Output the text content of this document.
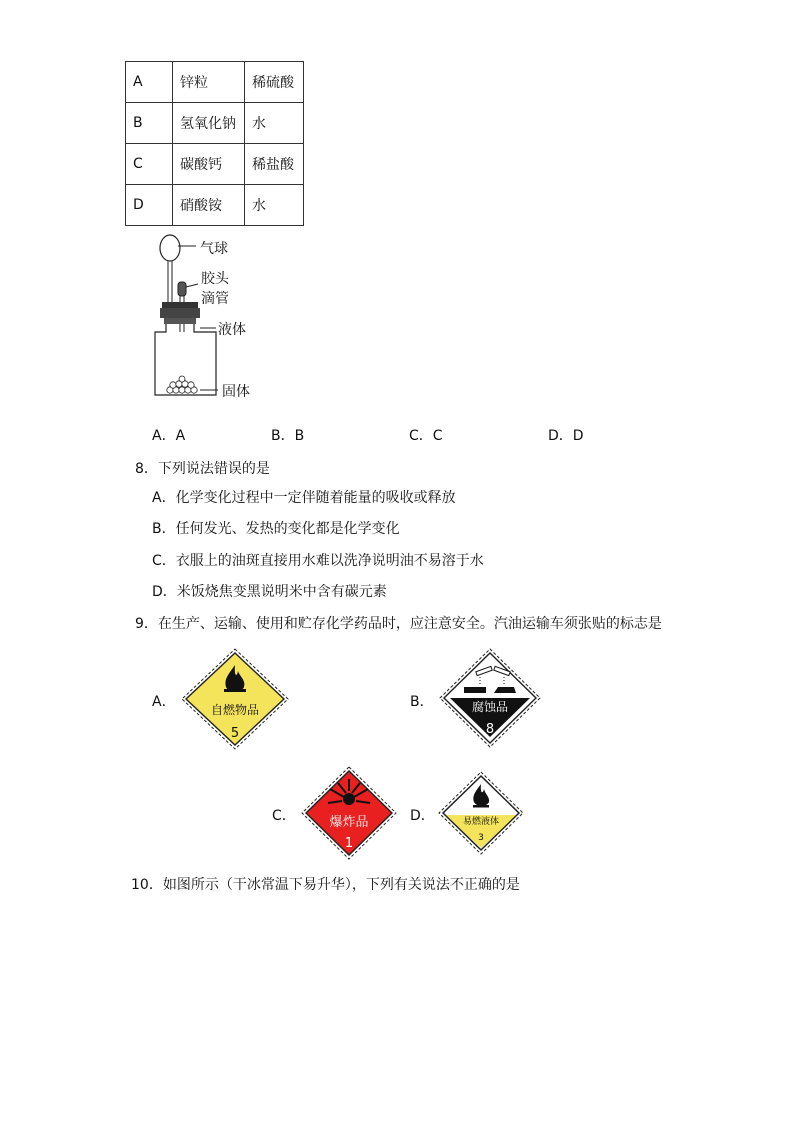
A	锌粒	稀硫酸
B	氢氧化钠	水
C	碳酸钙	稀盐酸
D	硝酸铵	水
气球
胶头
滴管
液体
固体
A．A	B．B	C．C	D．D
8．下列说法错误的是
A．化学变化过程中一定伴随着能量的吸收或释放
B．任何发光、发热的变化都是化学变化
C．衣服上的油斑直接用水难以洗净说明油不易溶于水
D．米饭烧焦变黑说明米中含有碳元素
9．在生产、运输、使用和贮存化学药品时，应注意安全。汽油运输车须张贴的标志是
A．	B．
C．	D．
自燃物品
5
腐蚀品
8
爆炸品
1
易燃液体
3
10．如图所示（干冰常温下易升华），下列有关说法不正确的是
